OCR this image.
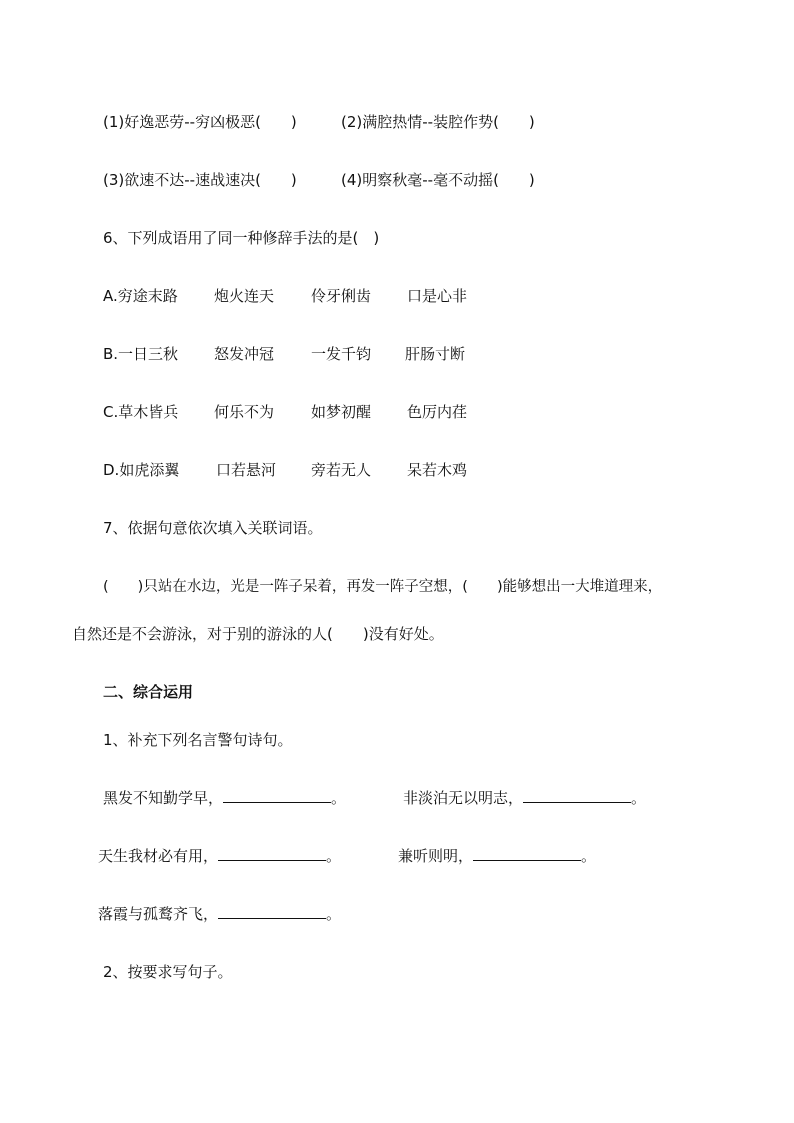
(1)好逸恶劳--穷凶极恶(　　)	(2)满腔热情--装腔作势(　　)
(3)欲速不达--速战速决(　　)	(4)明察秋毫--毫不动摇(　　)
6、下列成语用了同一种修辞手法的是(　)
A.穷途末路 炮火连天 伶牙俐齿 口是心非
B.一日三秋 怒发冲冠 一发千钧 肝肠寸断
C.草木皆兵 何乐不为 如梦初醒 色厉内荏
D.如虎添翼 口若悬河 旁若无人 呆若木鸡
7、依据句意依次填入关联词语。
(　　)只站在水边，光是一阵子呆着，再发一阵子空想，(　　)能够想出一大堆道理来，
自然还是不会游泳，对于别的游泳的人(　　)没有好处。
二、综合运用
1、补充下列名言警句诗句。
黑发不知勤学早，	。	非淡泊无以明志，	。
天生我材必有用，	。	兼听则明，	。
落霞与孤鹜齐飞，	。
2、按要求写句子。
